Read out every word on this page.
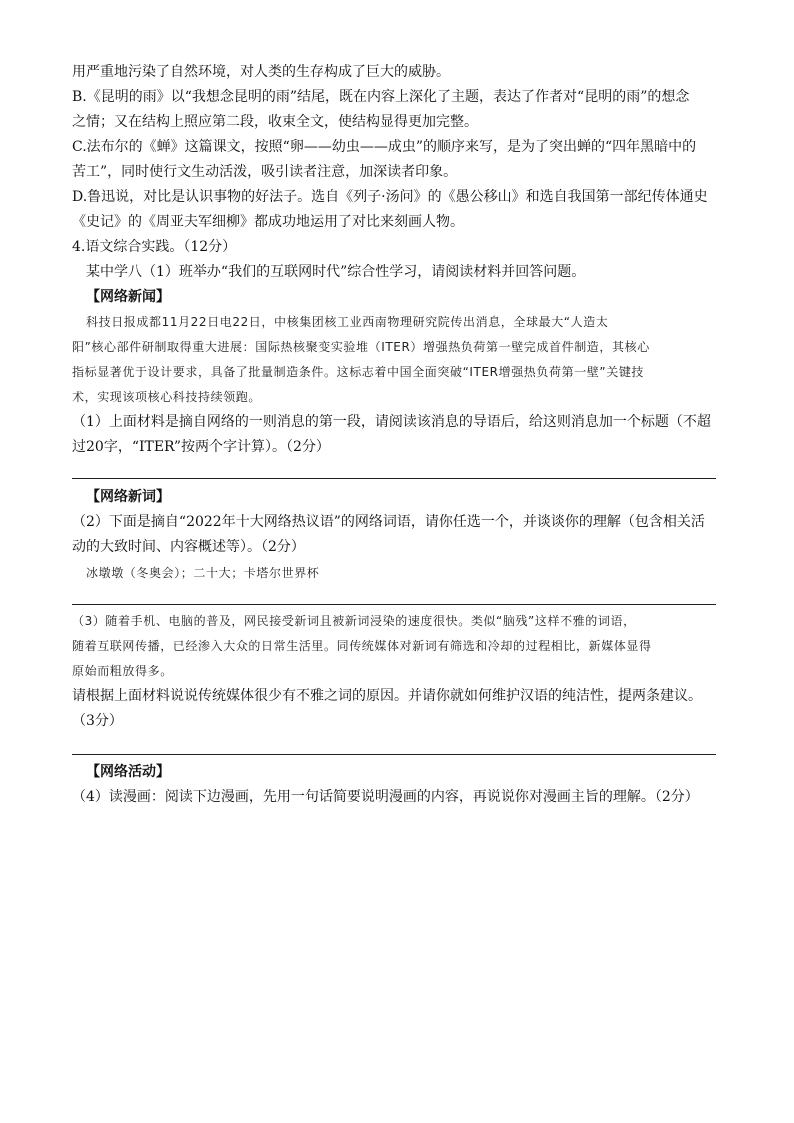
用严重地污染了自然环境，对人类的生存构成了巨大的威胁。
B.《昆明的雨》以“我想念昆明的雨”结尾，既在内容上深化了主题，表达了作者对“昆明的雨”的想念
之情；又在结构上照应第二段，收束全文，使结构显得更加完整。
C.法布尔的《蝉》这篇课文，按照“卵——幼虫——成虫”的顺序来写，是为了突出蝉的“四年黑暗中的
苦工”，同时使行文生动活泼，吸引读者注意，加深读者印象。
D.鲁迅说，对比是认识事物的好法子。选自《列子·汤问》的《愚公移山》和选自我国第一部纪传体通史
《史记》的《周亚夫军细柳》都成功地运用了对比来刻画人物。
4.语文综合实践。（12分）
某中学八（1）班举办“我们的互联网时代”综合性学习，请阅读材料并回答问题。
【网络新闻】
科技日报成都11月22日电22日，中核集团核工业西南物理研究院传出消息，全球最大“人造太
阳”核心部件研制取得重大进展：国际热核聚变实验堆（ITER）增强热负荷第一壁完成首件制造，其核心
指标显著优于设计要求，具备了批量制造条件。这标志着中国全面突破“ITER增强热负荷第一壁”关键技
术，实现该项核心科技持续领跑。
（1）上面材料是摘自网络的一则消息的第一段，请阅读该消息的导语后，给这则消息加一个标题（不超
过20字，“ITER”按两个字计算）。（2分）
【网络新词】
（2）下面是摘自“2022年十大网络热议语”的网络词语，请你任选一个，并谈谈你的理解（包含相关活
动的大致时间、内容概述等）。（2分）
冰墩墩（冬奥会）；二十大；卡塔尔世界杯
（3）随着手机、电脑的普及，网民接受新词且被新词浸染的速度很快。类似“脑残”这样不雅的词语，
随着互联网传播，已经渗入大众的日常生活里。同传统媒体对新词有筛选和冷却的过程相比，新媒体显得
原始而粗放得多。
请根据上面材料说说传统媒体很少有不雅之词的原因。并请你就如何维护汉语的纯洁性，提两条建议。
（3分）
【网络活动】
（4）读漫画：阅读下边漫画，先用一句话简要说明漫画的内容，再说说你对漫画主旨的理解。（2分）
